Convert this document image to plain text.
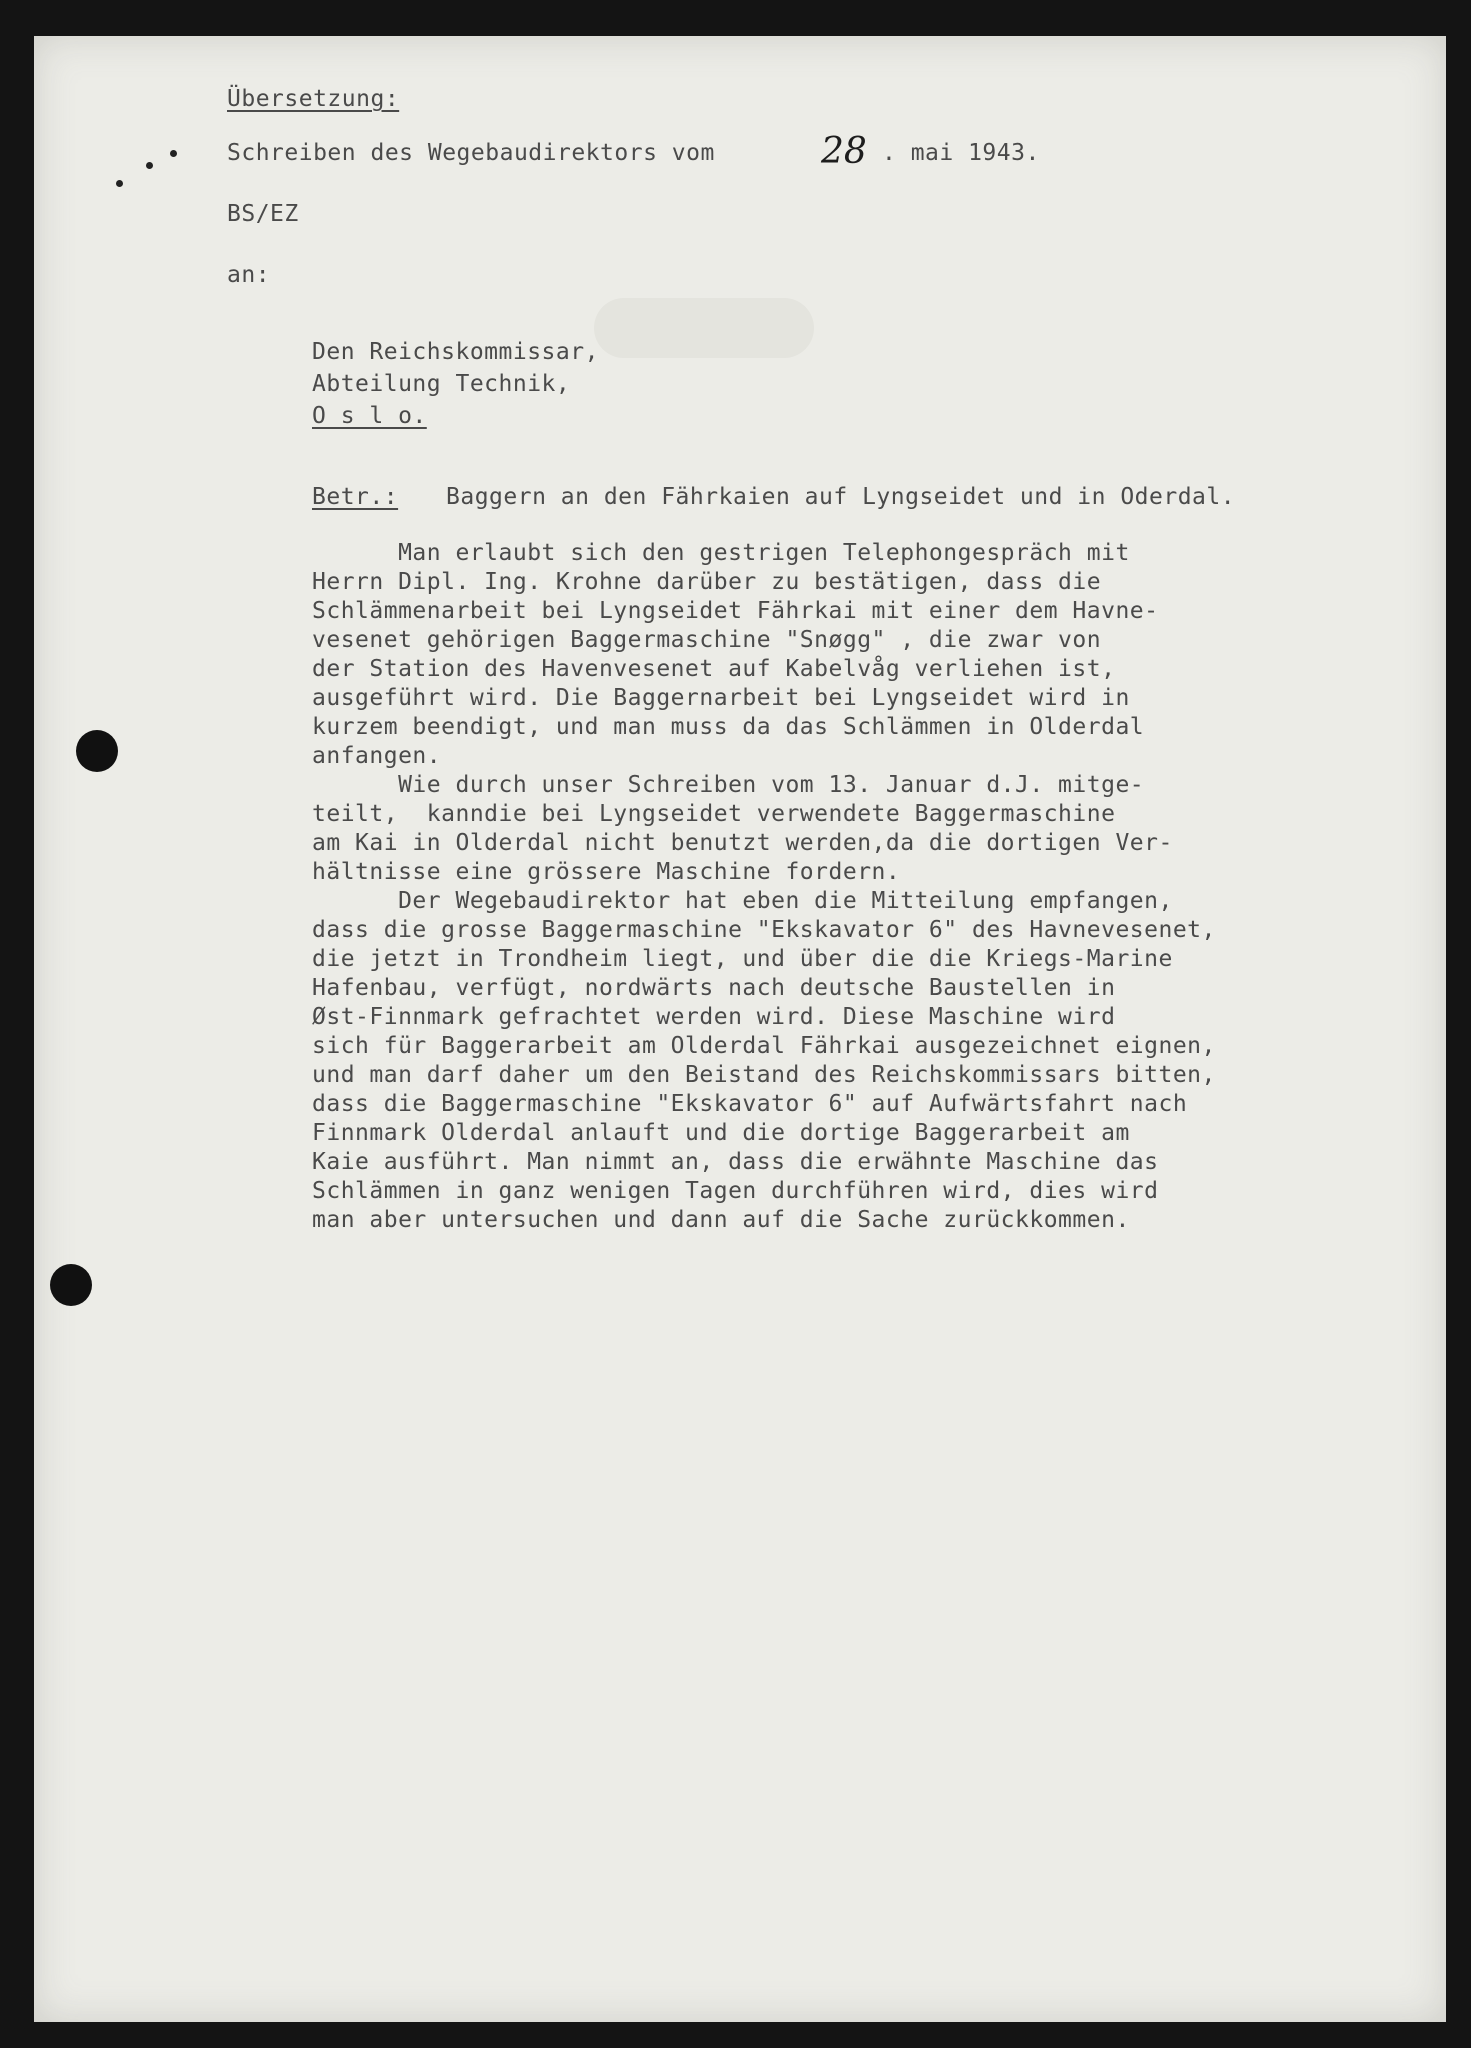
Übersetzung:
Schreiben des Wegebaudirektors vom	28 . mai 1943.
BS/EZ
an:
Den Reichskommissar,
Abteilung Technik,
O s l o.
Betr.: Baggern an den Fährkaien auf Lyngseidet und in Oderdal.
Man erlaubt sich den gestrigen Telephongespräch mit
Herrn Dipl. Ing. Krohne darüber zu bestätigen, dass die
Schlämmenarbeit bei Lyngseidet Fährkai mit einer dem Havne-
vesenet gehörigen Baggermaschine "Snøgg" , die zwar von
der Station des Havenvesenet auf Kabelvåg verliehen ist,
ausgeführt wird. Die Baggernarbeit bei Lyngseidet wird in
kurzem beendigt, und man muss da das Schlämmen in Olderdal
anfangen.
Wie durch unser Schreiben vom 13. Januar d.J. mitge-
teilt,  kanndie bei Lyngseidet verwendete Baggermaschine
am Kai in Olderdal nicht benutzt werden,da die dortigen Ver-
hältnisse eine grössere Maschine fordern.
Der Wegebaudirektor hat eben die Mitteilung empfangen,
dass die grosse Baggermaschine "Ekskavator 6" des Havnevesenet,
die jetzt in Trondheim liegt, und über die die Kriegs-Marine
Hafenbau, verfügt, nordwärts nach deutsche Baustellen in
Øst-Finnmark gefrachtet werden wird. Diese Maschine wird
sich für Baggerarbeit am Olderdal Fährkai ausgezeichnet eignen,
und man darf daher um den Beistand des Reichskommissars bitten,
dass die Baggermaschine "Ekskavator 6" auf Aufwärtsfahrt nach
Finnmark Olderdal anlauft und die dortige Baggerarbeit am
Kaie ausführt. Man nimmt an, dass die erwähnte Maschine das
Schlämmen in ganz wenigen Tagen durchführen wird, dies wird
man aber untersuchen und dann auf die Sache zurückkommen.
